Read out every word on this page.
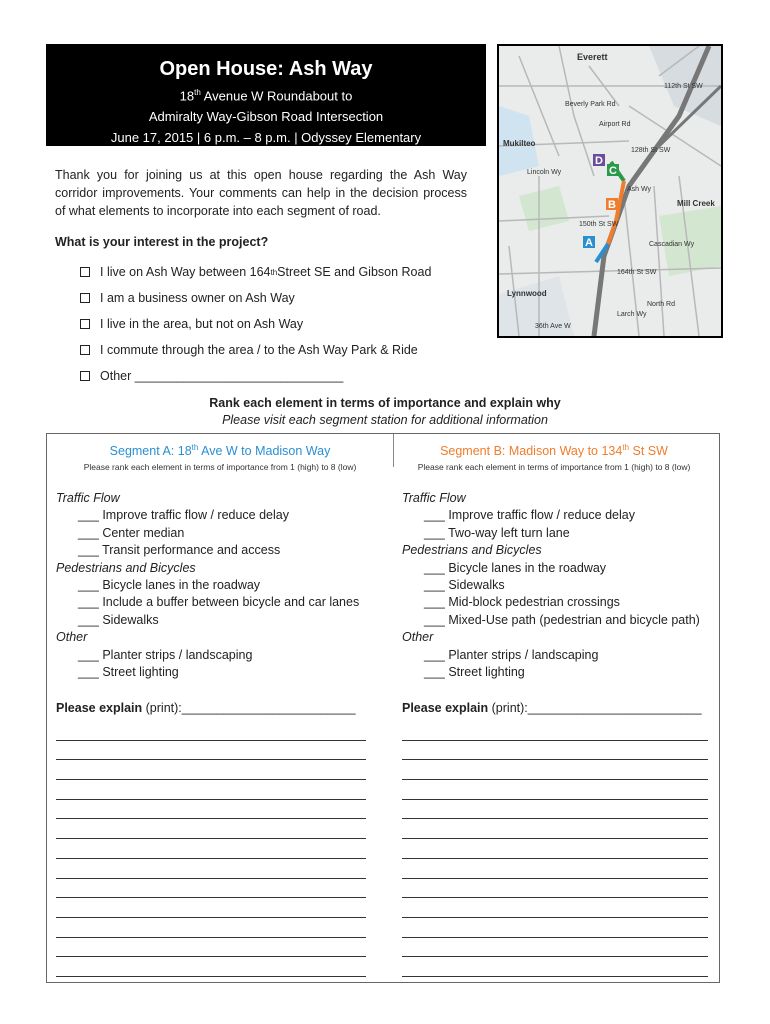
Open House: Ash Way
18th Avenue W Roundabout to
Admiralty Way-Gibson Road Intersection
June 17, 2015 | 6 p.m. – 8 p.m. | Odyssey Elementary
D
C
B
A
Everett
112th St SW
Mukilteo
Lincoln Wy
Beverly Park Rd
Airport Rd
128th St SW
150th St SW
Ash Wy
Mill Creek
164th St SW
Lynnwood
North Rd
Larch Wy
Cascadian Wy
36th Ave W
Thank you for joining us at this open house regarding the Ash Way corridor improvements. Your comments can help in the decision process of what elements to incorporate into each segment of road.
What is your interest in the project?
I live on Ash Way between 164 th Street SE and Gibson Road
I am a business owner on Ash Way
I live in the area, but not on Ash Way
I commute through the area / to the Ash Way Park & Ride
Other ______________________________
Rank each element in terms of importance and explain why
Please visit each segment station for additional information
Segment A: 18th Ave W to Madison Way
Please rank each element in terms of importance from 1 (high) to 8 (low)
Traffic Flow
___ Improve traffic flow / reduce delay
___ Center median
___ Transit performance and access
Pedestrians and Bicycles
___ Bicycle lanes in the roadway
___ Include a buffer between bicycle and car lanes
___ Sidewalks
Other
___ Planter strips / landscaping
___ Street lighting
Please explain (print):_________________________
Segment B: Madison Way to 134th St SW
Please rank each element in terms of importance from 1 (high) to 8 (low)
Traffic Flow
___ Improve traffic flow / reduce delay
___ Two-way left turn lane
Pedestrians and Bicycles
___ Bicycle lanes in the roadway
___ Sidewalks
___ Mid-block pedestrian crossings
___ Mixed-Use path (pedestrian and bicycle path)
Other
___ Planter strips / landscaping
___ Street lighting
Please explain (print):_________________________
